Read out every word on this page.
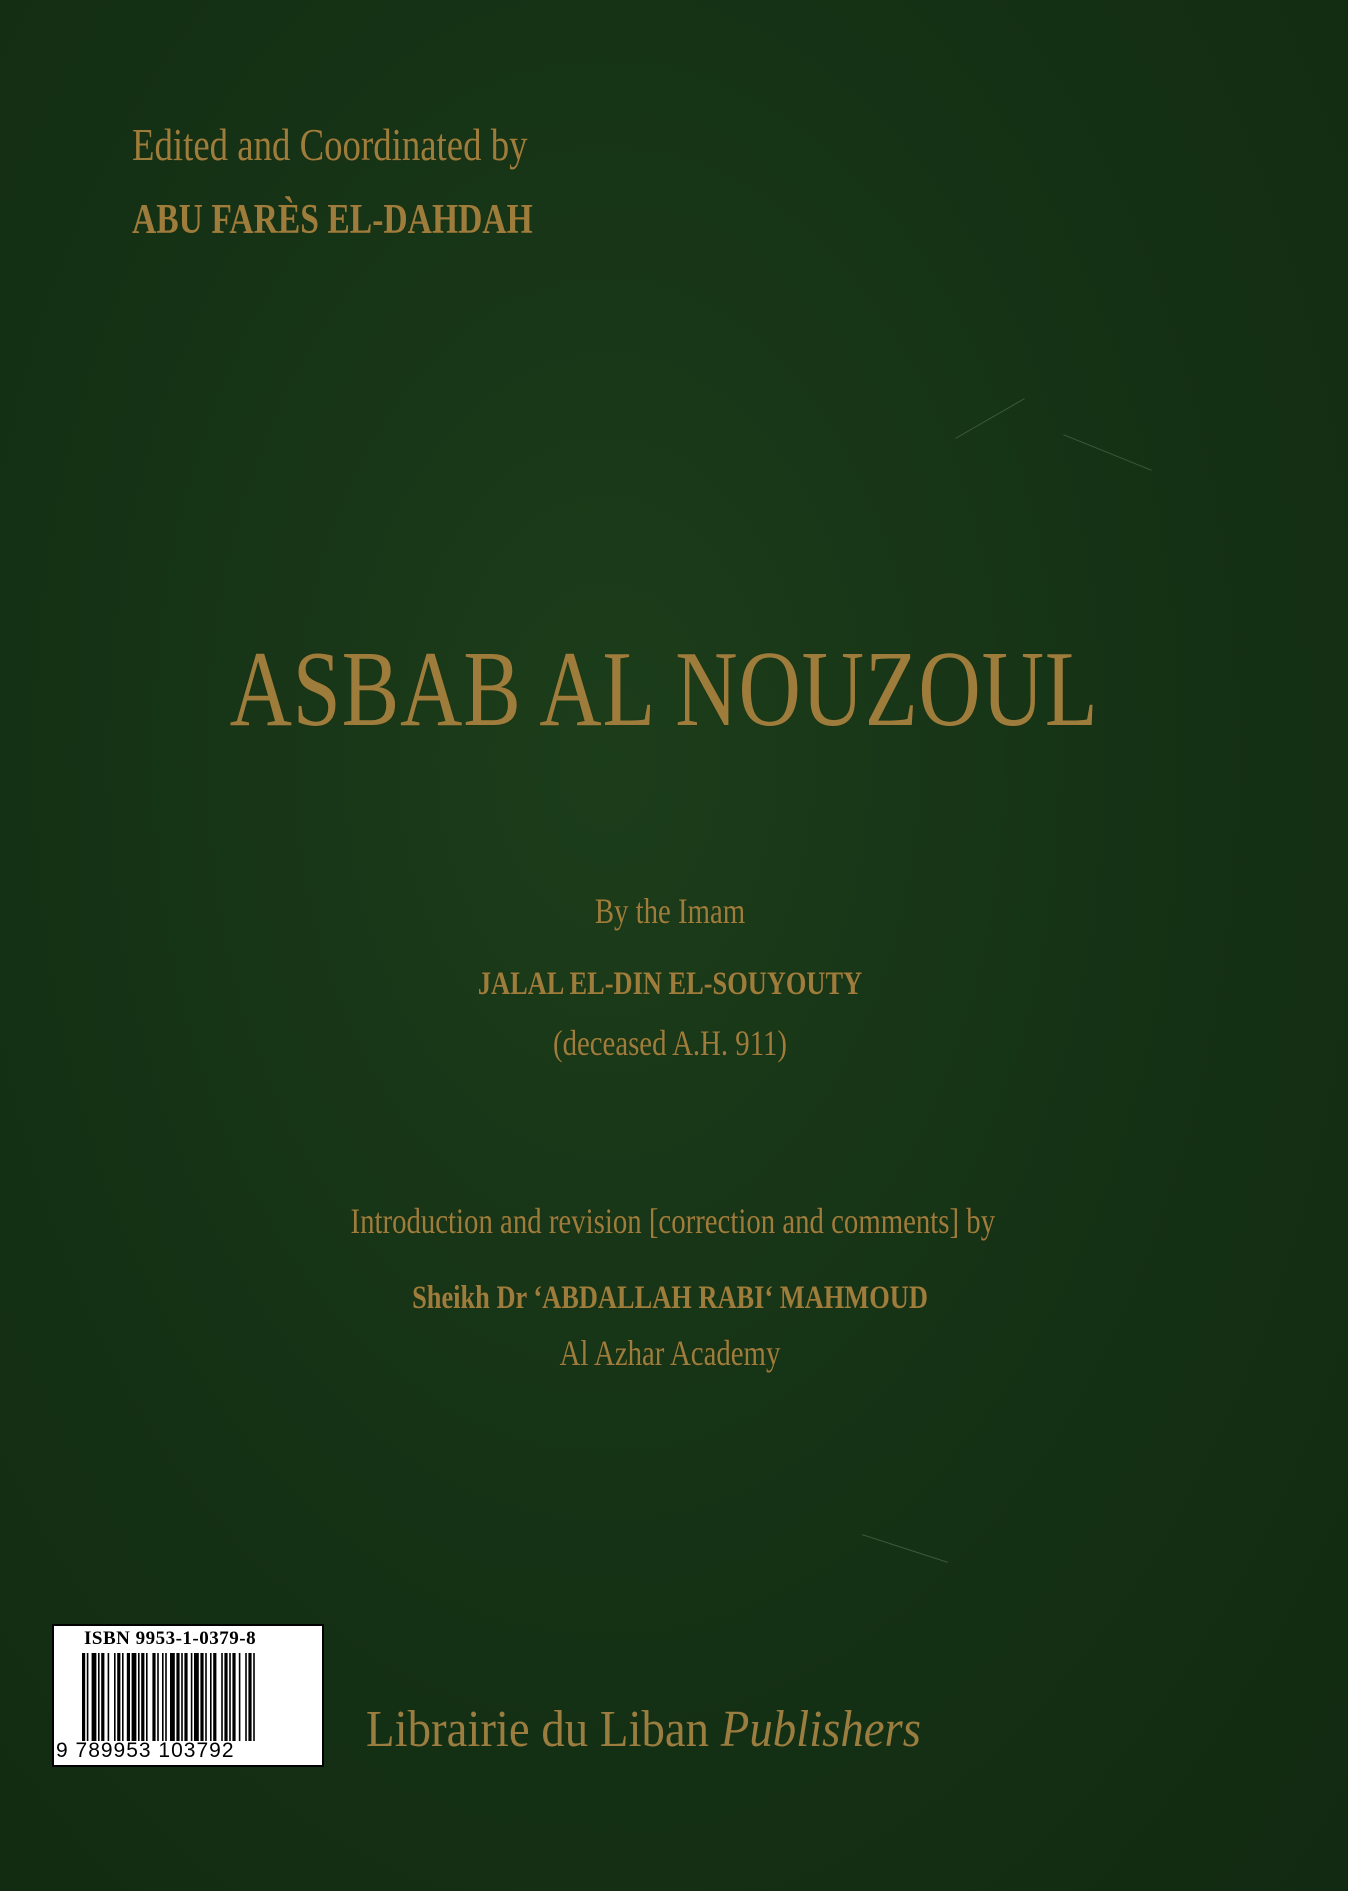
Edited and Coordinated by
ABU FARÈS EL-DAHDAH
ASBAB AL NOUZOUL
By the Imam
JALAL EL-DIN EL-SOUYOUTY
(deceased A.H. 911)
Introduction and revision [correction and comments] by
Sheikh Dr ‘ABDALLAH RABI‘ MAHMOUD
Al Azhar Academy
ISBN 9953-1-0379-8
9 789953 103792	Librairie du Liban Publishers
